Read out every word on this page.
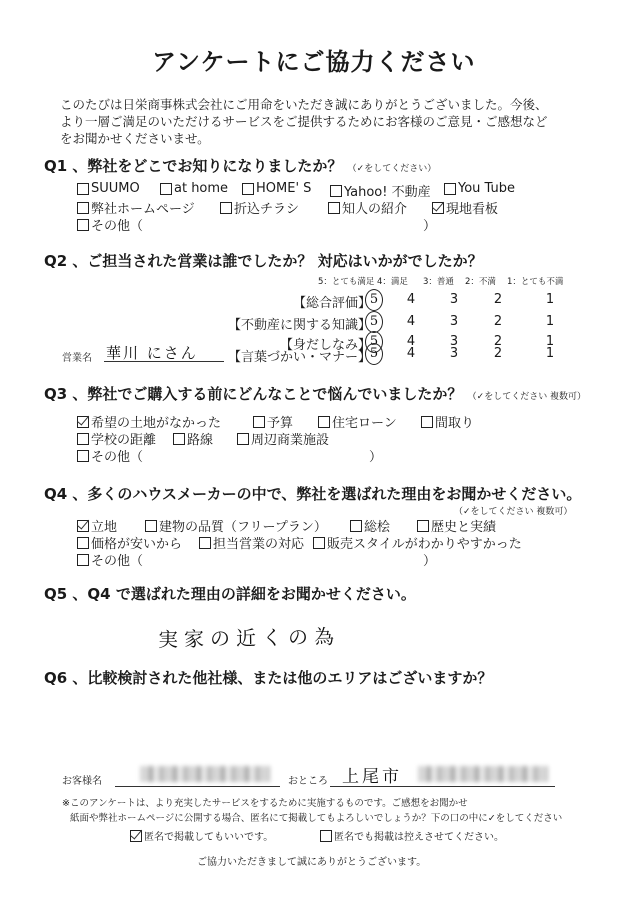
アンケートにご協力ください
このたびは日栄商事株式会社にご用命をいただき誠にありがとうございました。今後、
より一層ご満足のいただけるサービスをご提供するためにお客様のご意見・ご感想など
をお聞かせくださいませ。
Q1 、弊社をどこでお知りになりましたか？ （✓をしてください）
SUUMO	at home HOME' S	Yahoo! 不動産 You Tube
弊社ホームページ	折込チラシ	知人の紹介	現地看板
その他（	）
Q2 、ご担当された営業は誰でしたか？ 対応はいかがでしたか？
5：とても満足 4：満足 3：普通 2：不満 1：とても不満
【総合評価】
5 4	3	2	1
【不動産に関する知識】
5 4	3	2	1
【身だしなみ】
5 4	3	2	1
営業名 華川 にさん 【言葉づかい・マナー】
5 4	3	2	1
Q3 、弊社でご購入する前にどんなことで悩んでいましたか？ （✓をしてください 複数可）
希望の土地がなかった	予算	住宅ローン	間取り
学校の距離 路線	周辺商業施設
その他（	）
Q4 、多くのハウスメーカーの中で、弊社を選ばれた理由をお聞かせください。
（✓をしてください 複数可）
立地	建物の品質（フリープラン）	総桧	歴史と実績
価格が安いから 担当営業の対応 販売スタイルがわかりやすかった
その他（	）
Q5 、Q4 で選ばれた理由の詳細をお聞かせください。
実家の近くの為
Q6 、比較検討された他社様、または他のエリアはございますか？
お客様名	おところ 上尾市
※このアンケートは、より充実したサービスをするために実施するものです。ご感想をお聞かせ
紙面や弊社ホームページに公開する場合、匿名にて掲載してもよろしいでしょうか？下の口の中に✓をしてください
匿名で掲載してもいいです。	匿名でも掲載は控えさせてください。
ご協力いただきまして誠にありがとうございます。
